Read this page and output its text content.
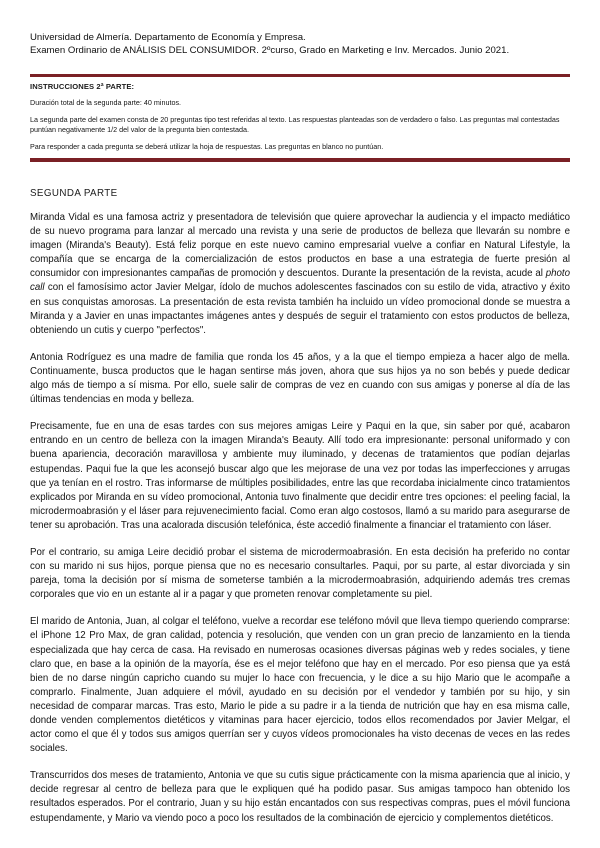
Universidad de Almería. Departamento de Economía y Empresa.
Examen Ordinario de ANÁLISIS DEL CONSUMIDOR. 2ºcurso, Grado en Marketing e Inv. Mercados. Junio 2021.
INSTRUCCIONES 2ª PARTE:
Duración total de la segunda parte: 40 minutos.
La segunda parte del examen consta de 20 preguntas tipo test referidas al texto. Las respuestas planteadas son de verdadero o falso. Las preguntas mal contestadas puntúan negativamente 1/2 del valor de la pregunta bien contestada.
Para responder a cada pregunta se deberá utilizar la hoja de respuestas. Las preguntas en blanco no puntúan.
SEGUNDA PARTE

Miranda Vidal es una famosa actriz y presentadora de televisión que quiere aprovechar la audiencia y el impacto mediático de su nuevo programa para lanzar al mercado una revista y una serie de productos de belleza que llevarán su nombre e imagen (Miranda's Beauty). Está feliz porque en este nuevo camino empresarial vuelve a confiar en Natural Lifestyle, la compañía que se encarga de la comercialización de estos productos en base a una estrategia de fuerte presión al consumidor con impresionantes campañas de promoción y descuentos. Durante la presentación de la revista, acude al photo call con el famosísimo actor Javier Melgar, ídolo de muchos adolescentes fascinados con su estilo de vida, atractivo y éxito en sus conquistas amorosas. La presentación de esta revista también ha incluido un vídeo promocional donde se muestra a Miranda y a Javier en unas impactantes imágenes antes y después de seguir el tratamiento con estos productos de belleza, obteniendo un cutis y cuerpo "perfectos".

Antonia Rodríguez es una madre de familia que ronda los 45 años, y a la que el tiempo empieza a hacer algo de mella. Continuamente, busca productos que le hagan sentirse más joven, ahora que sus hijos ya no son bebés y puede dedicar algo más de tiempo a sí misma. Por ello, suele salir de compras de vez en cuando con sus amigas y ponerse al día de las últimas tendencias en moda y belleza.

Precisamente, fue en una de esas tardes con sus mejores amigas Leire y Paqui en la que, sin saber por qué, acabaron entrando en un centro de belleza con la imagen Miranda's Beauty. Allí todo era impresionante: personal uniformado y con buena apariencia, decoración maravillosa y ambiente muy iluminado, y decenas de tratamientos que podían dejarlas estupendas. Paqui fue la que les aconsejó buscar algo que les mejorase de una vez por todas las imperfecciones y arrugas que ya tenían en el rostro. Tras informarse de múltiples posibilidades, entre las que recordaba inicialmente cinco tratamientos explicados por Miranda en su vídeo promocional, Antonia tuvo finalmente que decidir entre tres opciones: el peeling facial, la microdermoabrasión y el láser para rejuvenecimiento facial. Como eran algo costosos, llamó a su marido para asegurarse de tener su aprobación. Tras una acalorada discusión telefónica, éste accedió finalmente a financiar el tratamiento con láser.

Por el contrario, su amiga Leire decidió probar el sistema de microdermoabrasión. En esta decisión ha preferido no contar con su marido ni sus hijos, porque piensa que no es necesario consultarles. Paqui, por su parte, al estar divorciada y sin pareja, toma la decisión por sí misma de someterse también a la microdermoabrasión, adquiriendo además tres cremas corporales que vio en un estante al ir a pagar y que prometen renovar completamente su piel.

El marido de Antonia, Juan, al colgar el teléfono, vuelve a recordar ese teléfono móvil que lleva tiempo queriendo comprarse: el iPhone 12 Pro Max, de gran calidad, potencia y resolución, que venden con un gran precio de lanzamiento en la tienda especializada que hay cerca de casa. Ha revisado en numerosas ocasiones diversas páginas web y redes sociales, y tiene claro que, en base a la opinión de la mayoría, ése es el mejor teléfono que hay en el mercado. Por eso piensa que ya está bien de no darse ningún capricho cuando su mujer lo hace con frecuencia, y le dice a su hijo Mario que le acompañe a comprarlo. Finalmente, Juan adquiere el móvil, ayudado en su decisión por el vendedor y también por su hijo, y sin necesidad de comparar marcas. Tras esto, Mario le pide a su padre ir a la tienda de nutrición que hay en esa misma calle, donde venden complementos dietéticos y vitaminas para hacer ejercicio, todos ellos recomendados por Javier Melgar, el actor como el que él y todos sus amigos querrían ser y cuyos vídeos promocionales ha visto decenas de veces en las redes sociales.

Transcurridos dos meses de tratamiento, Antonia ve que su cutis sigue prácticamente con la misma apariencia que al inicio, y decide regresar al centro de belleza para que le expliquen qué ha podido pasar. Sus amigas tampoco han obtenido los resultados esperados. Por el contrario, Juan y su hijo están encantados con sus respectivas compras, pues el móvil funciona estupendamente, y Mario va viendo poco a poco los resultados de la combinación de ejercicio y complementos dietéticos.
